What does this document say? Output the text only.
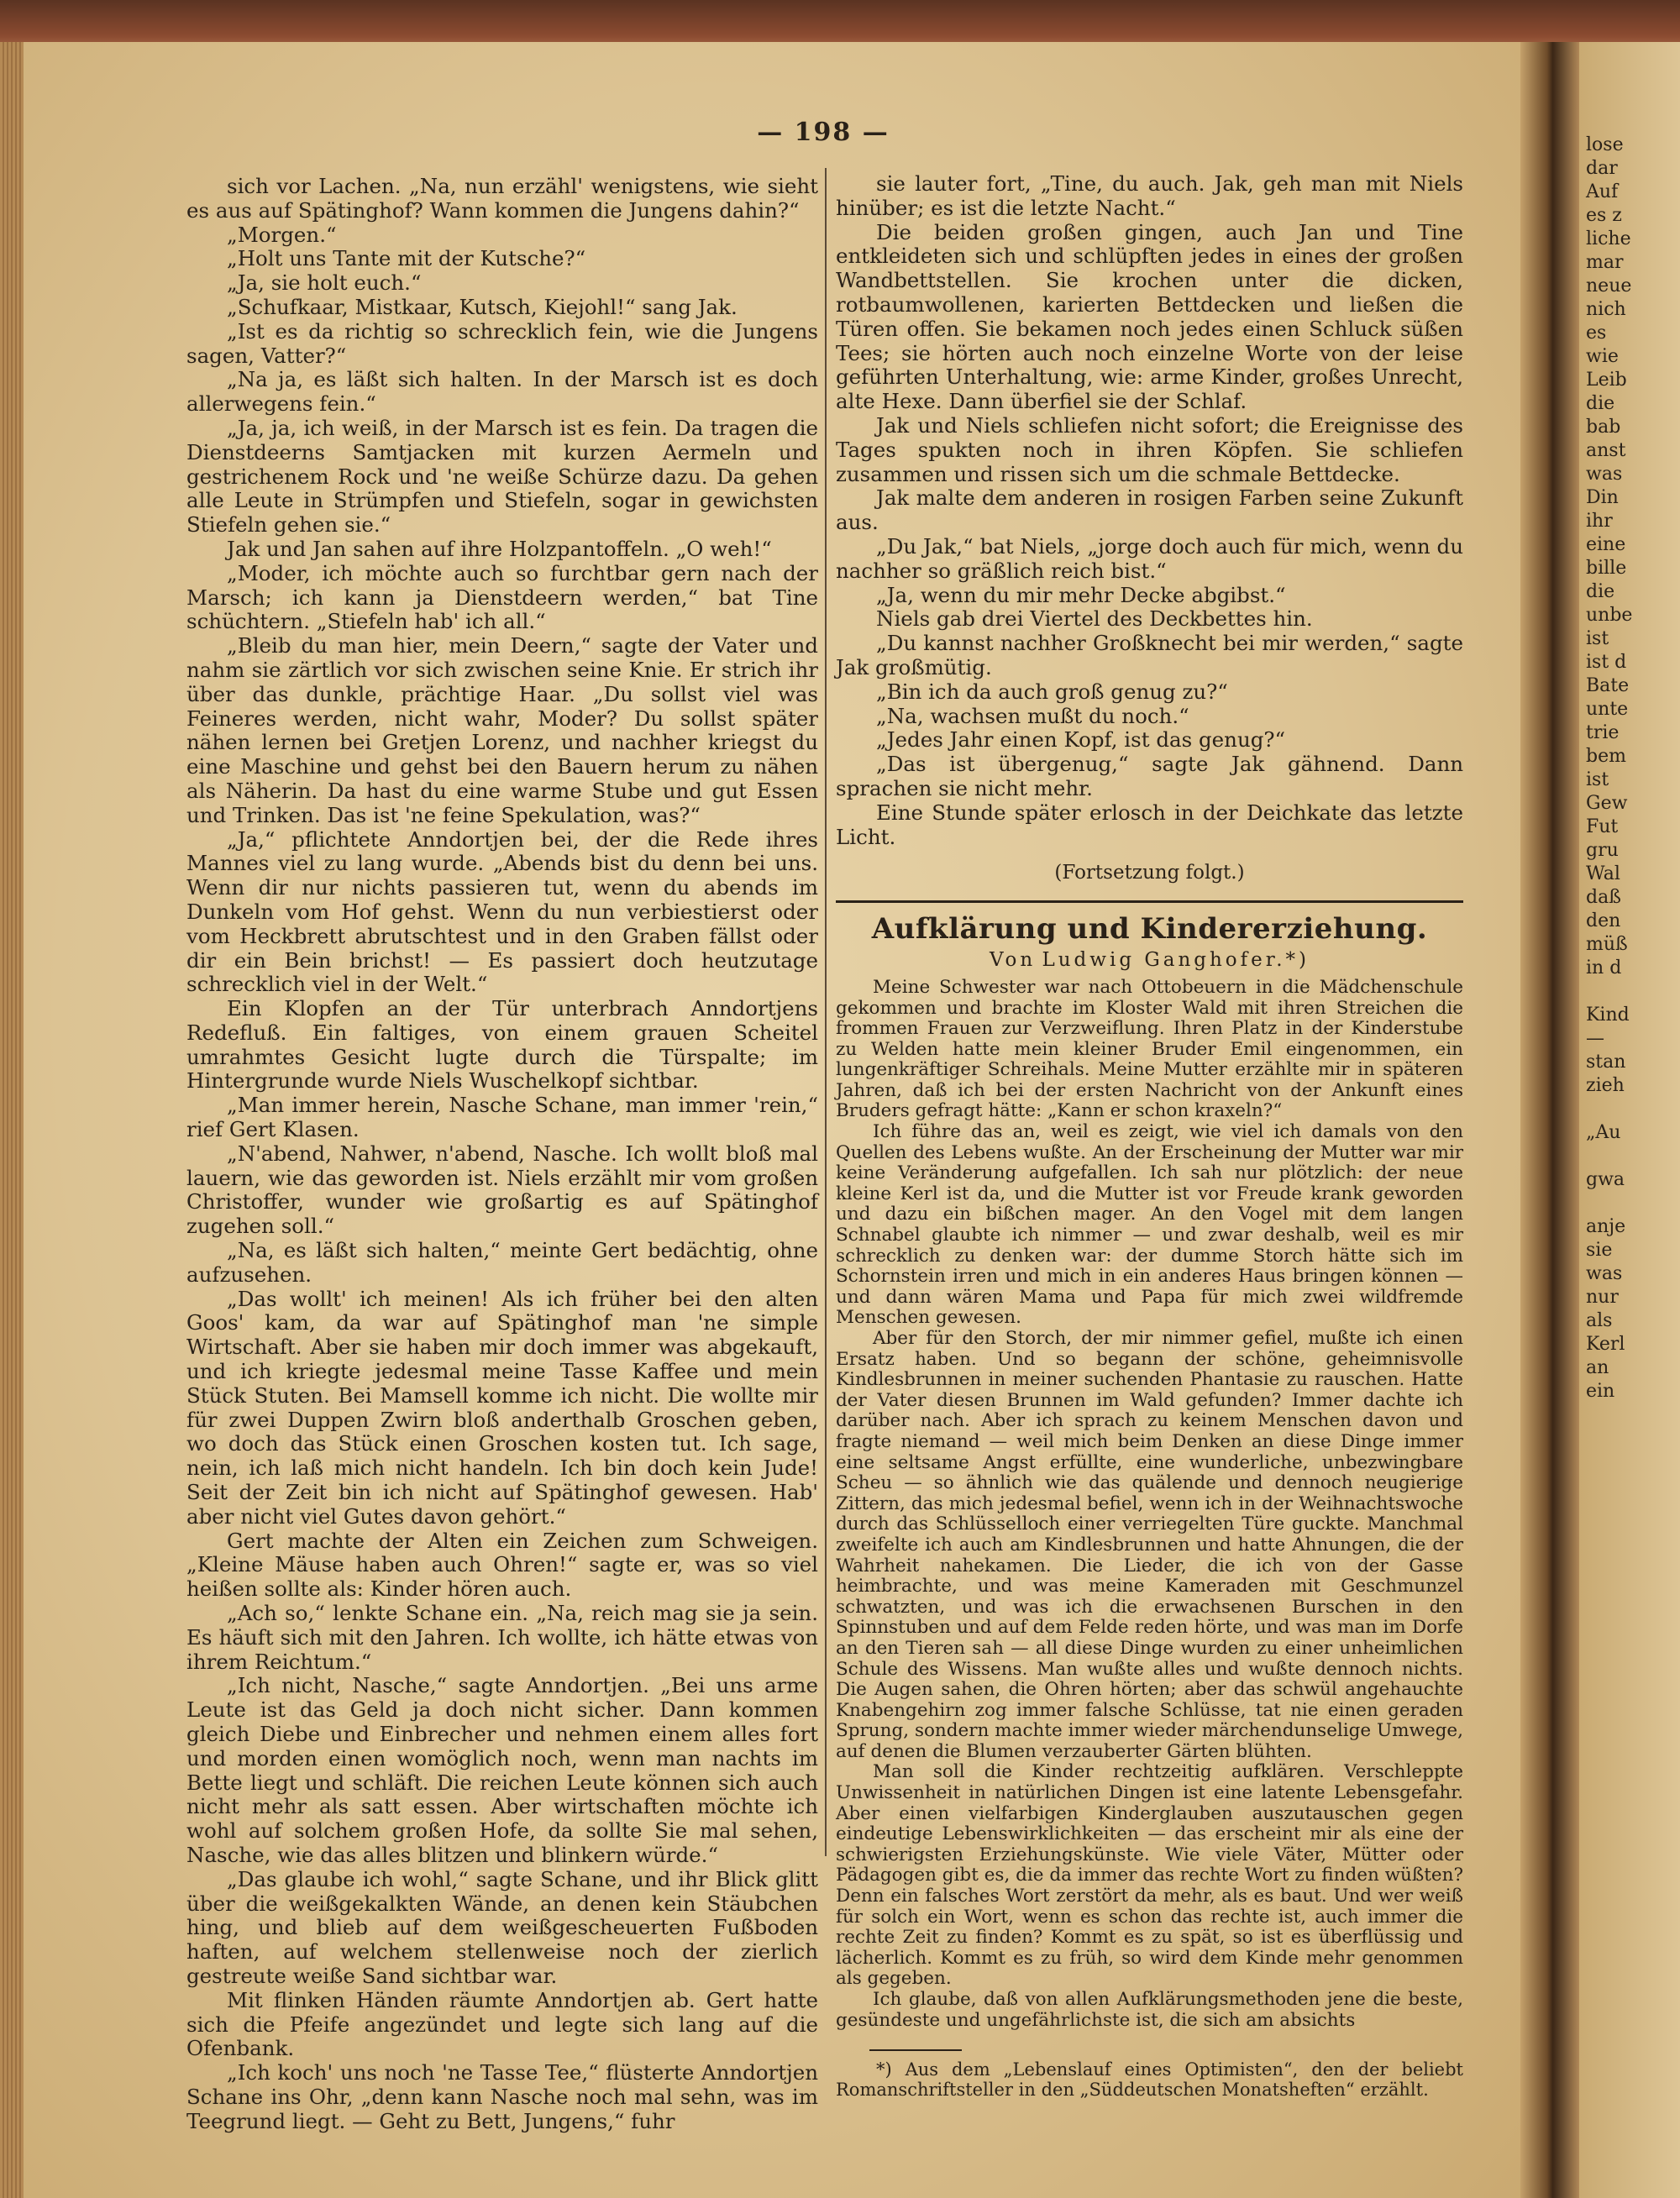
lose
dar
Auf
es z
liche
mar
neue
nich
es
wie
Leib
die
bab
anst
was
Din
ihr
eine
bille
die
unbe
ist
ist d
Bate
unte
trie
bem
ist
Gew
Fut
gru
Wal
daß
den
müß
in d
Kind
—
stan
zieh
„Au
gwa
anje
sie
was
nur
als
Kerl
an
ein
— 198 —

sich vor Lachen. „Na, nun erzähl' wenigstens, wie sieht es aus auf Spätinghof? Wann kommen die Jungens dahin?“

„Morgen.“

„Holt uns Tante mit der Kutsche?“

„Ja, sie holt euch.“

„Schufkaar, Mistkaar, Kutsch, Kiejohl!“ sang Jak.

„Ist es da richtig so schrecklich fein, wie die Jungens sagen, Vatter?“

„Na ja, es läßt sich halten. In der Marsch ist es doch allerwegens fein.“

„Ja, ja, ich weiß, in der Marsch ist es fein. Da tragen die Dienstdeerns Samtjacken mit kurzen Aermeln und gestrichenem Rock und 'ne weiße Schürze dazu. Da gehen alle Leute in Strümpfen und Stiefeln, sogar in gewichsten Stiefeln gehen sie.“

Jak und Jan sahen auf ihre Holzpantoffeln. „O weh!“

„Moder, ich möchte auch so furchtbar gern nach der Marsch; ich kann ja Dienstdeern werden,“ bat Tine schüchtern. „Stiefeln hab' ich all.“

„Bleib du man hier, mein Deern,“ sagte der Vater und nahm sie zärtlich vor sich zwischen seine Knie. Er strich ihr über das dunkle, prächtige Haar. „Du sollst viel was Feineres werden, nicht wahr, Moder? Du sollst später nähen lernen bei Gretjen Lorenz, und nachher kriegst du eine Maschine und gehst bei den Bauern herum zu nähen als Näherin. Da hast du eine warme Stube und gut Essen und Trinken. Das ist 'ne feine Spekulation, was?“

„Ja,“ pflichtete Anndortjen bei, der die Rede ihres Mannes viel zu lang wurde. „Abends bist du denn bei uns. Wenn dir nur nichts passieren tut, wenn du abends im Dunkeln vom Hof gehst. Wenn du nun verbiestierst oder vom Heckbrett abrutschtest und in den Graben fällst oder dir ein Bein brichst! — Es passiert doch heutzutage schrecklich viel in der Welt.“

Ein Klopfen an der Tür unterbrach Anndortjens Redefluß. Ein faltiges, von einem grauen Scheitel umrahmtes Gesicht lugte durch die Türspalte; im Hintergrunde wurde Niels Wuschelkopf sichtbar.

„Man immer herein, Nasche Schane, man immer 'rein,“ rief Gert Klasen.

„N'abend, Nahwer, n'abend, Nasche. Ich wollt bloß mal lauern, wie das geworden ist. Niels erzählt mir vom großen Christoffer, wunder wie großartig es auf Spätinghof zugehen soll.“

„Na, es läßt sich halten,“ meinte Gert bedächtig, ohne aufzusehen.

„Das wollt' ich meinen! Als ich früher bei den alten Goos' kam, da war auf Spätinghof man 'ne simple Wirtschaft. Aber sie haben mir doch immer was abgekauft, und ich kriegte jedesmal meine Tasse Kaffee und mein Stück Stuten. Bei Mamsell komme ich nicht. Die wollte mir für zwei Duppen Zwirn bloß anderthalb Groschen geben, wo doch das Stück einen Groschen kosten tut. Ich sage, nein, ich laß mich nicht handeln. Ich bin doch kein Jude! Seit der Zeit bin ich nicht auf Spätinghof gewesen. Hab' aber nicht viel Gutes davon gehört.“

Gert machte der Alten ein Zeichen zum Schweigen. „Kleine Mäuse haben auch Ohren!“ sagte er, was so viel heißen sollte als: Kinder hören auch.

„Ach so,“ lenkte Schane ein. „Na, reich mag sie ja sein. Es häuft sich mit den Jahren. Ich wollte, ich hätte etwas von ihrem Reichtum.“

„Ich nicht, Nasche,“ sagte Anndortjen. „Bei uns arme Leute ist das Geld ja doch nicht sicher. Dann kommen gleich Diebe und Einbrecher und nehmen einem alles fort und morden einen womöglich noch, wenn man nachts im Bette liegt und schläft. Die reichen Leute können sich auch nicht mehr als satt essen. Aber wirtschaften möchte ich wohl auf solchem großen Hofe, da sollte Sie mal sehen, Nasche, wie das alles blitzen und blinkern würde.“

„Das glaube ich wohl,“ sagte Schane, und ihr Blick glitt über die weißgekalkten Wände, an denen kein Stäubchen hing, und blieb auf dem weißgescheuerten Fußboden haften, auf welchem stellenweise noch der zierlich gestreute weiße Sand sichtbar war.

Mit flinken Händen räumte Anndortjen ab. Gert hatte sich die Pfeife angezündet und legte sich lang auf die Ofenbank.

„Ich koch' uns noch 'ne Tasse Tee,“ flüsterte Anndortjen Schane ins Ohr, „denn kann Nasche noch mal sehn, was im Teegrund liegt. — Geht zu Bett, Jungens,“ fuhr

sie lauter fort, „Tine, du auch. Jak, geh man mit Niels hinüber; es ist die letzte Nacht.“

Die beiden großen gingen, auch Jan und Tine entkleideten sich und schlüpften jedes in eines der großen Wandbettstellen. Sie krochen unter die dicken, rotbaumwollenen, karierten Bettdecken und ließen die Türen offen. Sie bekamen noch jedes einen Schluck süßen Tees; sie hörten auch noch einzelne Worte von der leise geführten Unterhaltung, wie: arme Kinder, großes Unrecht, alte Hexe. Dann überfiel sie der Schlaf.

Jak und Niels schliefen nicht sofort; die Ereignisse des Tages spukten noch in ihren Köpfen. Sie schliefen zusammen und rissen sich um die schmale Bettdecke.

Jak malte dem anderen in rosigen Farben seine Zukunft aus.

„Du Jak,“ bat Niels, „jorge doch auch für mich, wenn du nachher so gräßlich reich bist.“

„Ja, wenn du mir mehr Decke abgibst.“

Niels gab drei Viertel des Deckbettes hin.

„Du kannst nachher Großknecht bei mir werden,“ sagte Jak großmütig.

„Bin ich da auch groß genug zu?“

„Na, wachsen mußt du noch.“

„Jedes Jahr einen Kopf, ist das genug?“

„Das ist übergenug,“ sagte Jak gähnend. Dann sprachen sie nicht mehr.

Eine Stunde später erlosch in der Deichkate das letzte Licht.

(Fortsetzung folgt.)

Aufklärung und Kindererziehung.
Von Ludwig Ganghofer.*)

Meine Schwester war nach Ottobeuern in die Mädchenschule gekommen und brachte im Kloster Wald mit ihren Streichen die frommen Frauen zur Verzweiflung. Ihren Platz in der Kinderstube zu Welden hatte mein kleiner Bruder Emil eingenommen, ein lungenkräftiger Schreihals. Meine Mutter erzählte mir in späteren Jahren, daß ich bei der ersten Nachricht von der Ankunft eines Bruders gefragt hätte: „Kann er schon kraxeln?“

Ich führe das an, weil es zeigt, wie viel ich damals von den Quellen des Lebens wußte. An der Erscheinung der Mutter war mir keine Veränderung aufgefallen. Ich sah nur plötzlich: der neue kleine Kerl ist da, und die Mutter ist vor Freude krank geworden und dazu ein bißchen mager. An den Vogel mit dem langen Schnabel glaubte ich nimmer — und zwar deshalb, weil es mir schrecklich zu denken war: der dumme Storch hätte sich im Schornstein irren und mich in ein anderes Haus bringen können — und dann wären Mama und Papa für mich zwei wildfremde Menschen gewesen.

Aber für den Storch, der mir nimmer gefiel, mußte ich einen Ersatz haben. Und so begann der schöne, geheimnisvolle Kindlesbrunnen in meiner suchenden Phantasie zu rauschen. Hatte der Vater diesen Brunnen im Wald gefunden? Immer dachte ich darüber nach. Aber ich sprach zu keinem Menschen davon und fragte niemand — weil mich beim Denken an diese Dinge immer eine seltsame Angst erfüllte, eine wunderliche, unbezwingbare Scheu — so ähnlich wie das quälende und dennoch neugierige Zittern, das mich jedesmal befiel, wenn ich in der Weihnachtswoche durch das Schlüsselloch einer verriegelten Türe guckte. Manchmal zweifelte ich auch am Kindlesbrunnen und hatte Ahnungen, die der Wahrheit nahekamen. Die Lieder, die ich von der Gasse heimbrachte, und was meine Kameraden mit Geschmunzel schwatzten, und was ich die erwachsenen Burschen in den Spinnstuben und auf dem Felde reden hörte, und was man im Dorfe an den Tieren sah — all diese Dinge wurden zu einer unheimlichen Schule des Wissens. Man wußte alles und wußte dennoch nichts. Die Augen sahen, die Ohren hörten; aber das schwül angehauchte Knabengehirn zog immer falsche Schlüsse, tat nie einen geraden Sprung, sondern machte immer wieder märchendunselige Umwege, auf denen die Blumen verzauberter Gärten blühten.

Man soll die Kinder rechtzeitig aufklären. Verschleppte Unwissenheit in natürlichen Dingen ist eine latente Lebensgefahr. Aber einen vielfarbigen Kinderglauben auszutauschen gegen eindeutige Lebenswirklichkeiten — das erscheint mir als eine der schwierigsten Erziehungskünste. Wie viele Väter, Mütter oder Pädagogen gibt es, die da immer das rechte Wort zu finden wüßten? Denn ein falsches Wort zerstört da mehr, als es baut. Und wer weiß für solch ein Wort, wenn es schon das rechte ist, auch immer die rechte Zeit zu finden? Kommt es zu spät, so ist es überflüssig und lächerlich. Kommt es zu früh, so wird dem Kinde mehr genommen als gegeben.

Ich glaube, daß von allen Aufklärungsmethoden jene die beste, gesündeste und ungefährlichste ist, die sich am absichts

*) Aus dem „Lebenslauf eines Optimisten“, den der beliebt Romanschriftsteller in den „Süddeutschen Monatsheften“ erzählt.
